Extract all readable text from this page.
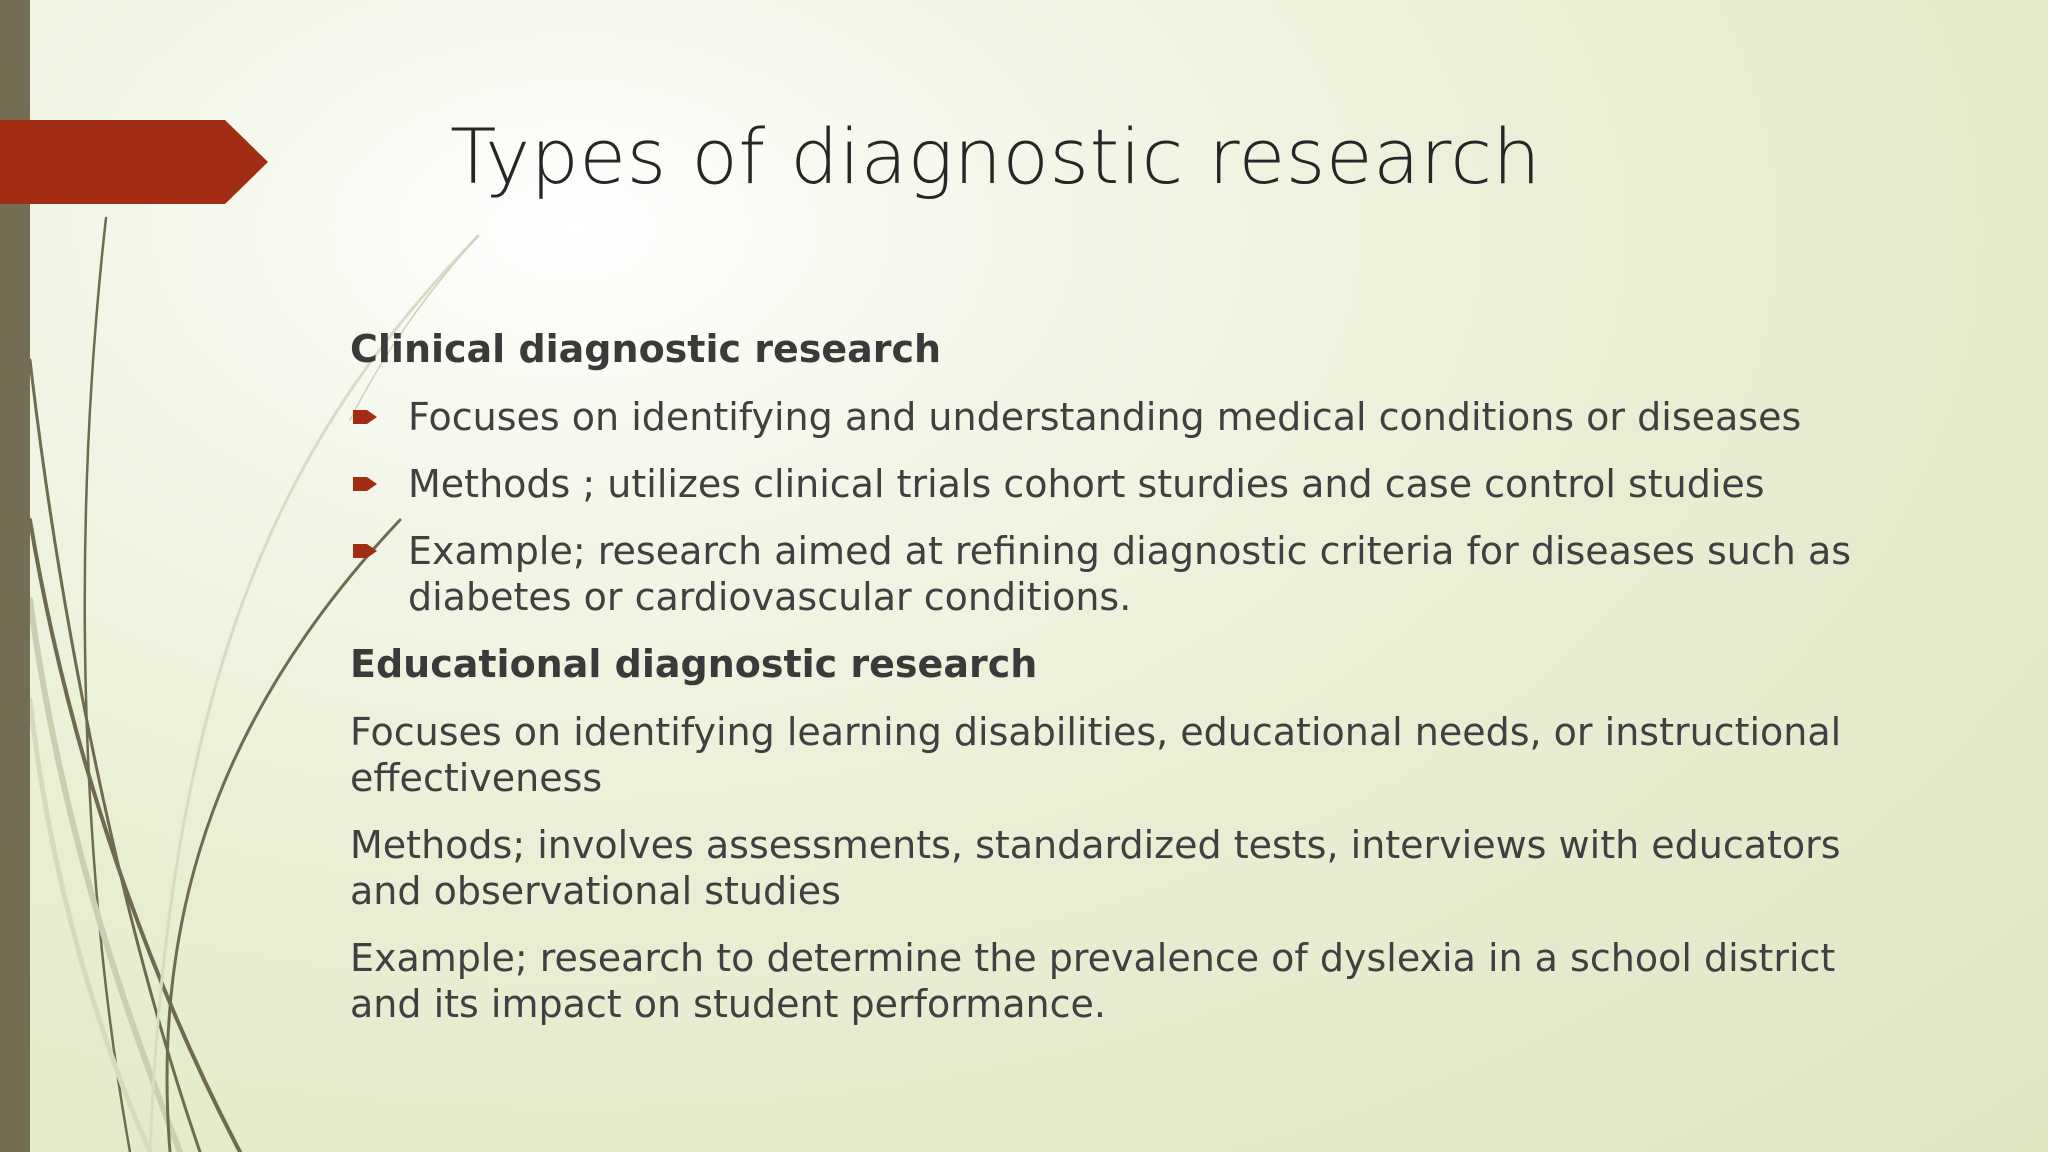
Types of diagnostic research
Clinical diagnostic research
Focuses on identifying and understanding medical conditions or diseases
Methods ; utilizes clinical trials cohort sturdies and case control studies
Example; research aimed at refining diagnostic criteria for diseases such as diabetes or cardiovascular conditions.
Educational diagnostic research
Focuses on identifying learning disabilities, educational needs, or instructional effectiveness
Methods; involves assessments, standardized tests, interviews with educators and observational studies
Example; research to determine the prevalence of dyslexia in a school district and its impact on student performance.
